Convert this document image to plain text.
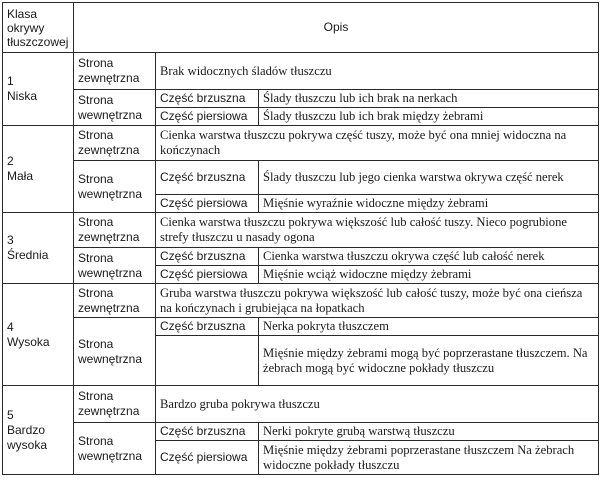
Klasa okrywy tłuszczowej	Opis		

1
Niska	Strona zewnętrzna	Brak widocznych śladów tłuszczu	
	Strona wewnętrzna	Część brzuszna	Ślady tłuszczu lub ich brak na nerkach
		Część piersiowa	Ślady tłuszczu lub ich brak między żebrami

2
Mała	Strona zewnętrzna	Cienka warstwa tłuszczu pokrywa część tuszy, może być ona mniej widoczna na kończynach	
	Strona wewnętrzna	Część brzuszna	Ślady tłuszczu lub jego cienka warstwa okrywa część nerek
		Część piersiowa	Mięśnie wyraźnie widoczne między żebrami

3
Średnia	Strona zewnętrzna	Cienka warstwa tłuszczu pokrywa większość lub całość tuszy. Nieco pogrubione strefy tłuszczu u nasady ogona	
	Strona wewnętrzna	Część brzuszna	Cienka warstwa tłuszczu okrywa część lub całość nerek
		Część piersiowa	Mięśnie wciąż widoczne między żebrami

4
Wysoka	Strona zewnętrzna	Gruba warstwa tłuszczu pokrywa większość lub całość tuszy, może być ona cieńsza na kończynach i grubiejąca na łopatkach	
	Strona wewnętrzna	Część brzuszna	Nerka pokryta tłuszczem
			Mięśnie między żebrami mogą być poprzerastane tłuszczem. Na żebrach mogą być widoczne pokłady tłuszczu

5
Bardzo wysoka	Strona zewnętrzna	Bardzo gruba pokrywa tłuszczu	
	Strona wewnętrzna	Część brzuszna	Nerki pokryte grubą warstwą tłuszczu
		Część piersiowa	Mięśnie między żebrami poprzerastane tłuszczem Na żebrach widoczne pokłady tłuszczu
